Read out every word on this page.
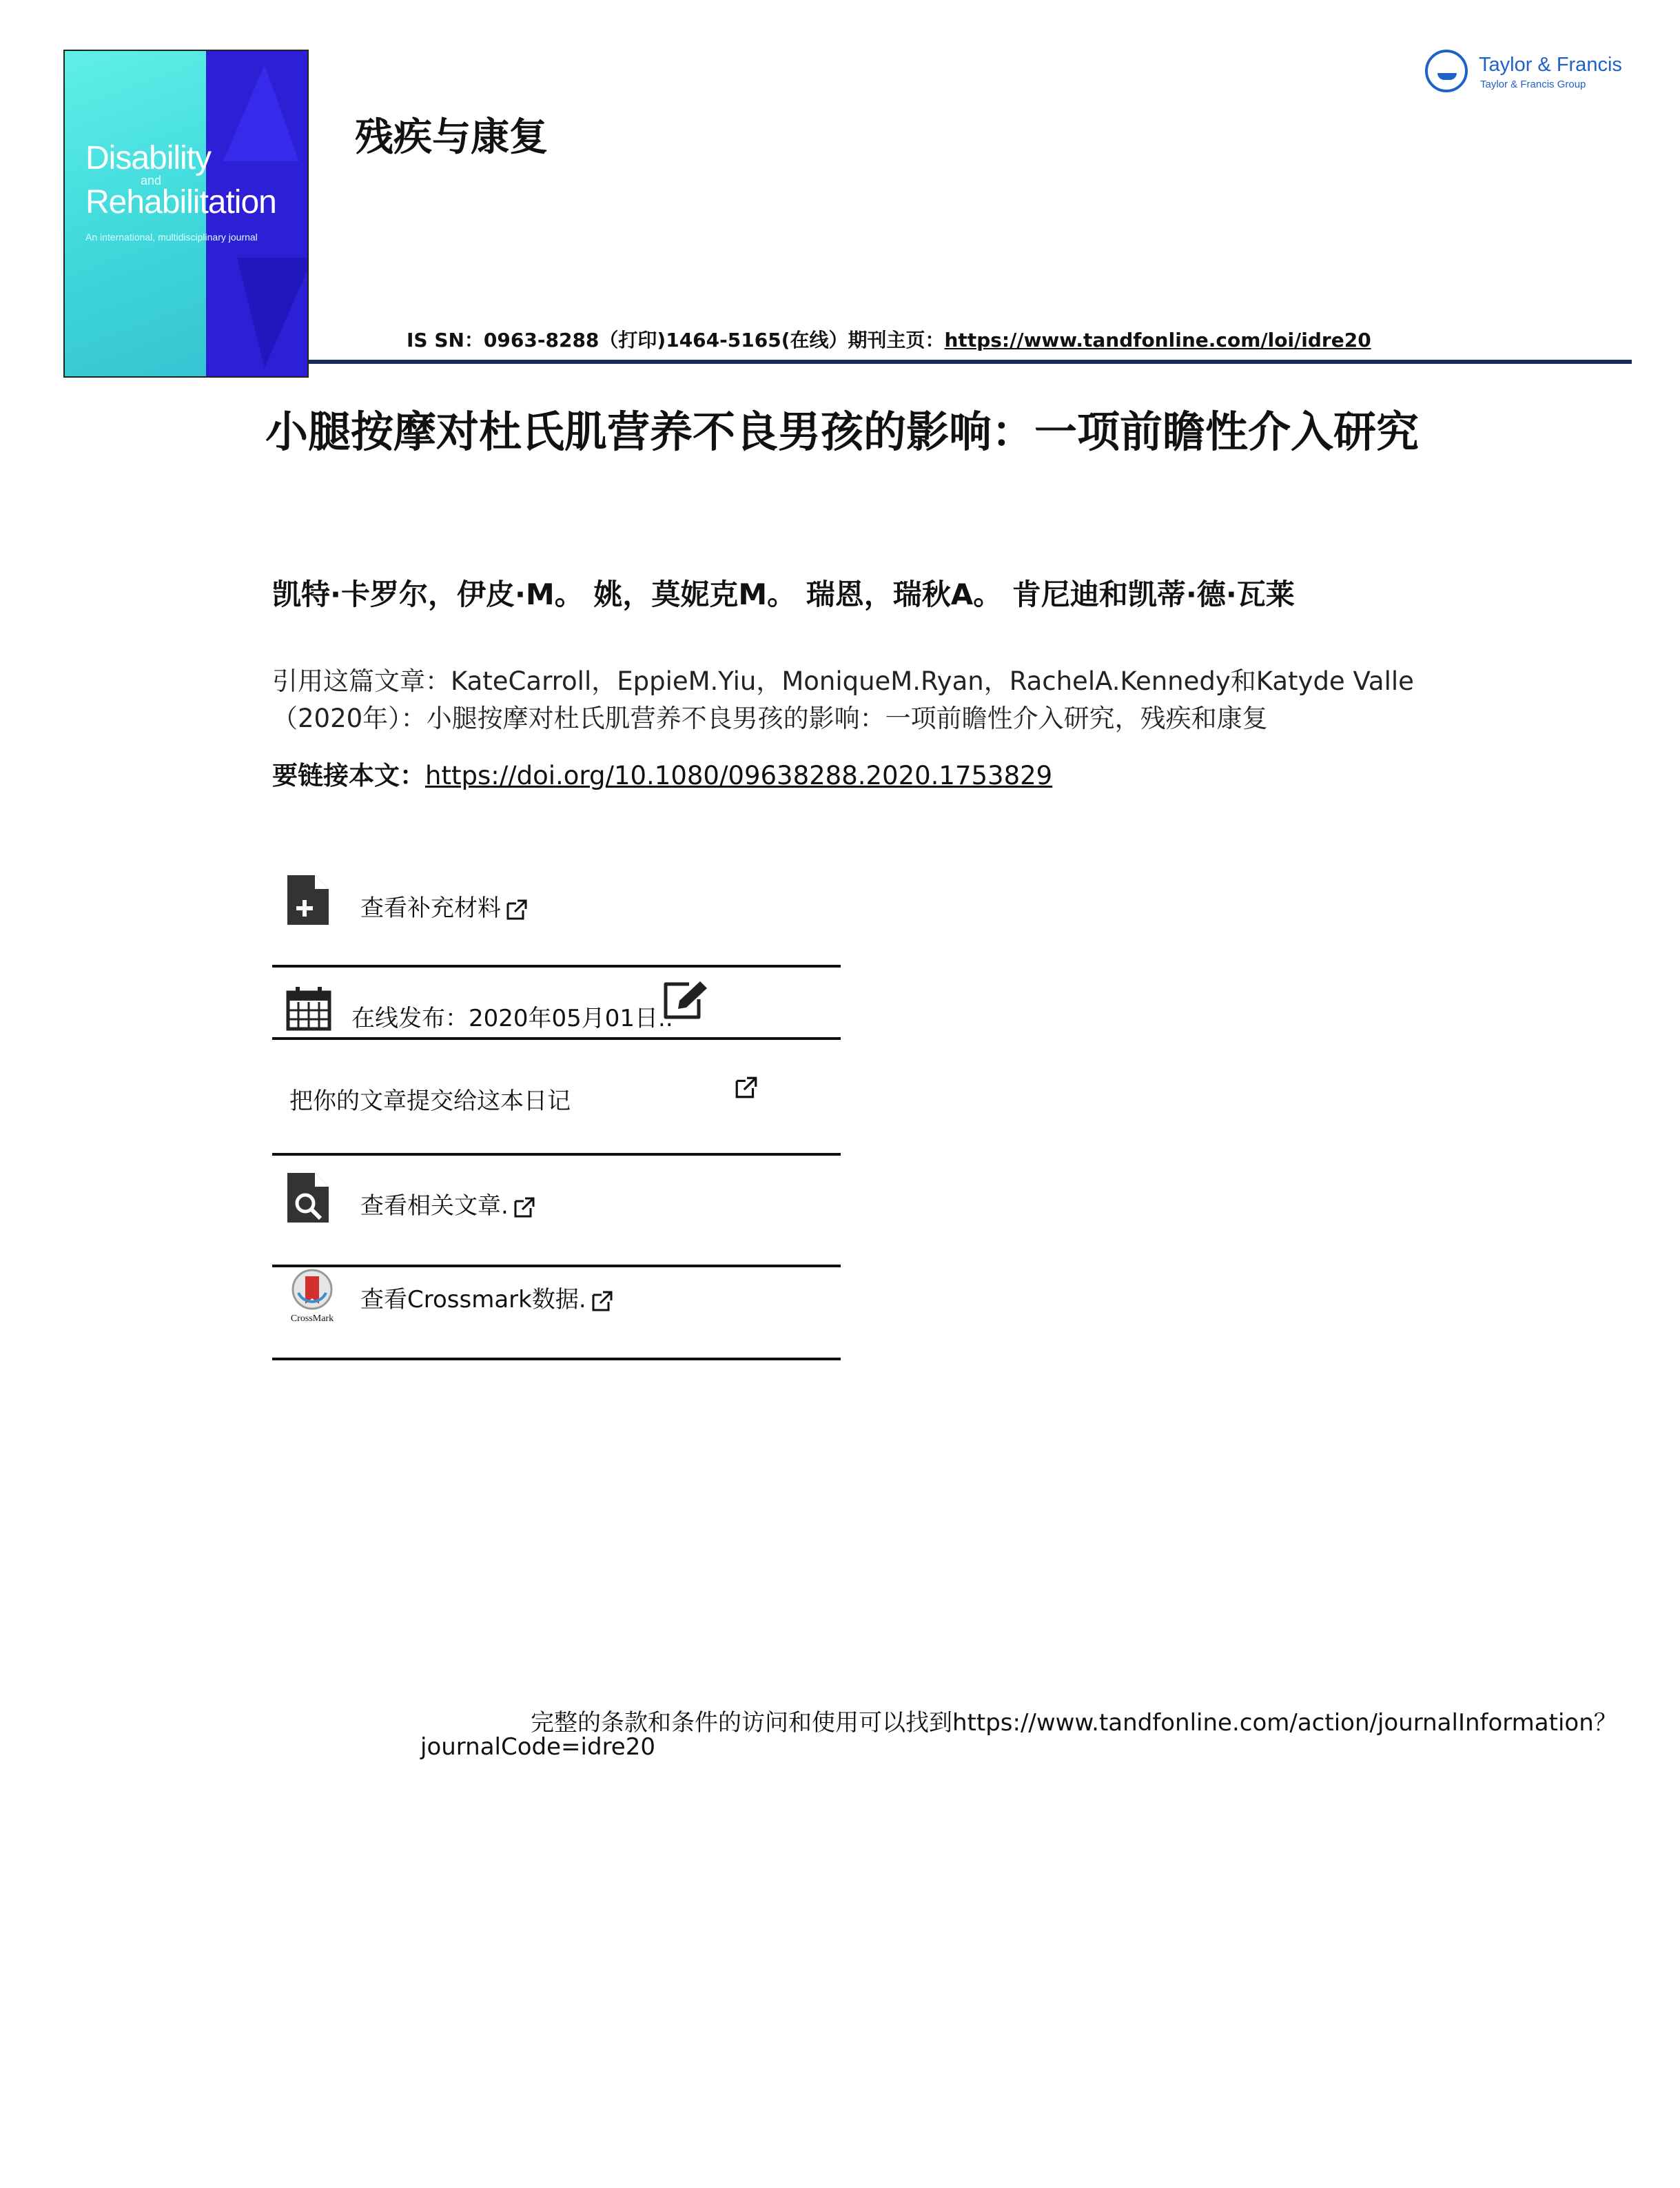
Disability
and
Rehabilitation
An international, multidisciplinary journal
残疾与康复
Taylor & Francis
Taylor & Francis Group
IS SN：0963-8288（打印)1464-5165(在线）期刊主页：https://www.tandfonline.com/loi/idre20
小腿按摩对杜氏肌营养不良男孩的影响：一项前瞻性介入研究
凯特·卡罗尔，伊皮·M。 姚，莫妮克M。 瑞恩，瑞秋A。 肯尼迪和凯蒂·德·瓦莱
引用这篇文章：KateCarroll，EppieM.Yiu，MoniqueM.Ryan，RachelA.Kennedy和Katyde Valle（2020年）：小腿按摩对杜氏肌营养不良男孩的影响：一项前瞻性介入研究，残疾和康复
要链接本文：https://doi.org/10.1080/09638288.2020.1753829
查看补充材料
在线发布：2020年05月01日..
把你的文章提交给这本日记
查看相关文章.
CrossMark
查看Crossmark数据.
完整的条款和条件的访问和使用可以找到https://www.tandfonline.com/action/journalInformation？
journalCode=idre20
